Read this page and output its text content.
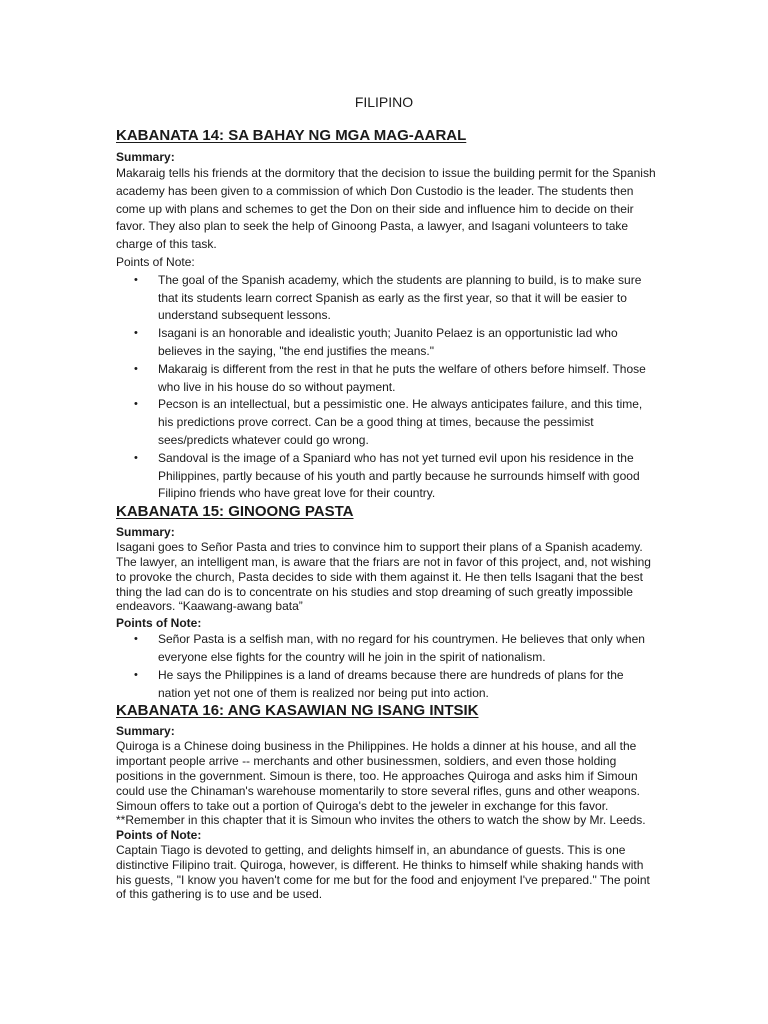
FILIPINO
KABANATA 14: SA BAHAY NG MGA MAG-AARAL

Summary:

Makaraig tells his friends at the dormitory that the decision to issue the building permit for the Spanish academy has been given to a commission of which Don Custodio is the leader. The students then come up with plans and schemes to get the Don on their side and influence him to decide on their favor. They also plan to seek the help of Ginoong Pasta, a lawyer, and Isagani volunteers to take charge of this task.

Points of Note:

• The goal of the Spanish academy, which the students are planning to build, is to make sure that its students learn correct Spanish as early as the first year, so that it will be easier to understand subsequent lessons.
• Isagani is an honorable and idealistic youth; Juanito Pelaez is an opportunistic lad who believes in the saying, "the end justifies the means."
• Makaraig is different from the rest in that he puts the welfare of others before himself. Those who live in his house do so without payment.
• Pecson is an intellectual, but a pessimistic one. He always anticipates failure, and this time, his predictions prove correct. Can be a good thing at times, because the pessimist sees/predicts whatever could go wrong.
• Sandoval is the image of a Spaniard who has not yet turned evil upon his residence in the Philippines, partly because of his youth and partly because he surrounds himself with good Filipino friends who have great love for their country.
KABANATA 15: GINOONG PASTA

Summary:

Isagani goes to Señor Pasta and tries to convince him to support their plans of a Spanish academy. The lawyer, an intelligent man, is aware that the friars are not in favor of this project, and, not wishing to provoke the church, Pasta decides to side with them against it. He then tells Isagani that the best thing the lad can do is to concentrate on his studies and stop dreaming of such greatly impossible endeavors. “Kaawang-awang bata”

Points of Note:

• Señor Pasta is a selfish man, with no regard for his countrymen. He believes that only when everyone else fights for the country will he join in the spirit of nationalism.
• He says the Philippines is a land of dreams because there are hundreds of plans for the nation yet not one of them is realized nor being put into action.
KABANATA 16: ANG KASAWIAN NG ISANG INTSIK

Summary:

Quiroga is a Chinese doing business in the Philippines. He holds a dinner at his house, and all the important people arrive -- merchants and other businessmen, soldiers, and even those holding positions in the government. Simoun is there, too. He approaches Quiroga and asks him if Simoun could use the Chinaman's warehouse momentarily to store several rifles, guns and other weapons. Simoun offers to take out a portion of Quiroga's debt to the jeweler in exchange for this favor. **Remember in this chapter that it is Simoun who invites the others to watch the show by Mr. Leeds.

Points of Note:

Captain Tiago is devoted to getting, and delights himself in, an abundance of guests. This is one distinctive Filipino trait. Quiroga, however, is different. He thinks to himself while shaking hands with his guests, "I know you haven't come for me but for the food and enjoyment I've prepared." The point of this gathering is to use and be used.
